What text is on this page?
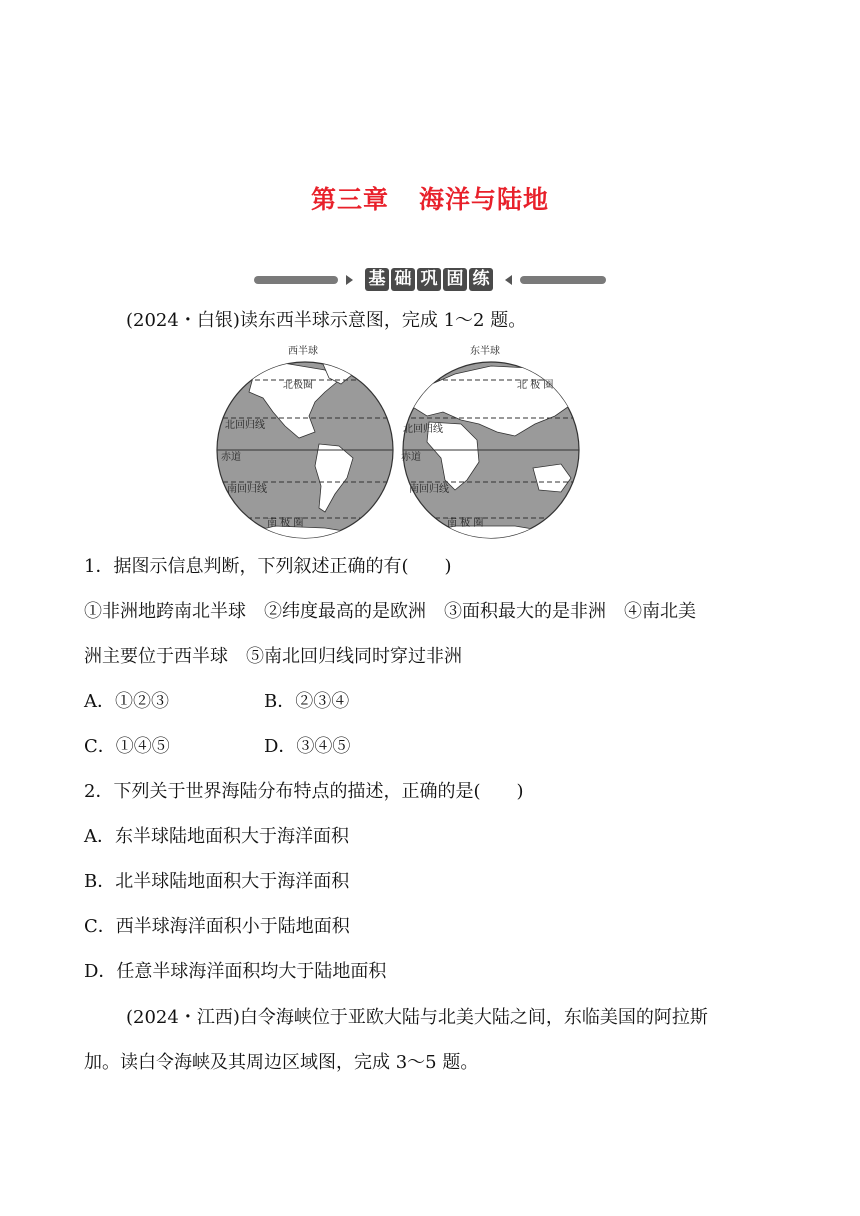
第三章 海洋与陆地
基 础 巩 固 练
(2024・白银)读东西半球示意图，完成 1～2 题。
西半球	东半球
北极圈	北 极 圈
北回归线	北回归线
赤道	赤道
南回归线	南回归线
南 极 圈	南 极 圈
1．据图示信息判断，下列叙述正确的有(　　)
①非洲地跨南北半球　②纬度最高的是欧洲　③面积最大的是非洲　④南北美
洲主要位于西半球　⑤南北回归线同时穿过非洲
A．①②③	B．②③④
C．①④⑤	D．③④⑤
2．下列关于世界海陆分布特点的描述，正确的是(　　)
A．东半球陆地面积大于海洋面积
B．北半球陆地面积大于海洋面积
C．西半球海洋面积小于陆地面积
D．任意半球海洋面积均大于陆地面积
(2024・江西)白令海峡位于亚欧大陆与北美大陆之间，东临美国的阿拉斯
加。读白令海峡及其周边区域图，完成 3～5 题。
